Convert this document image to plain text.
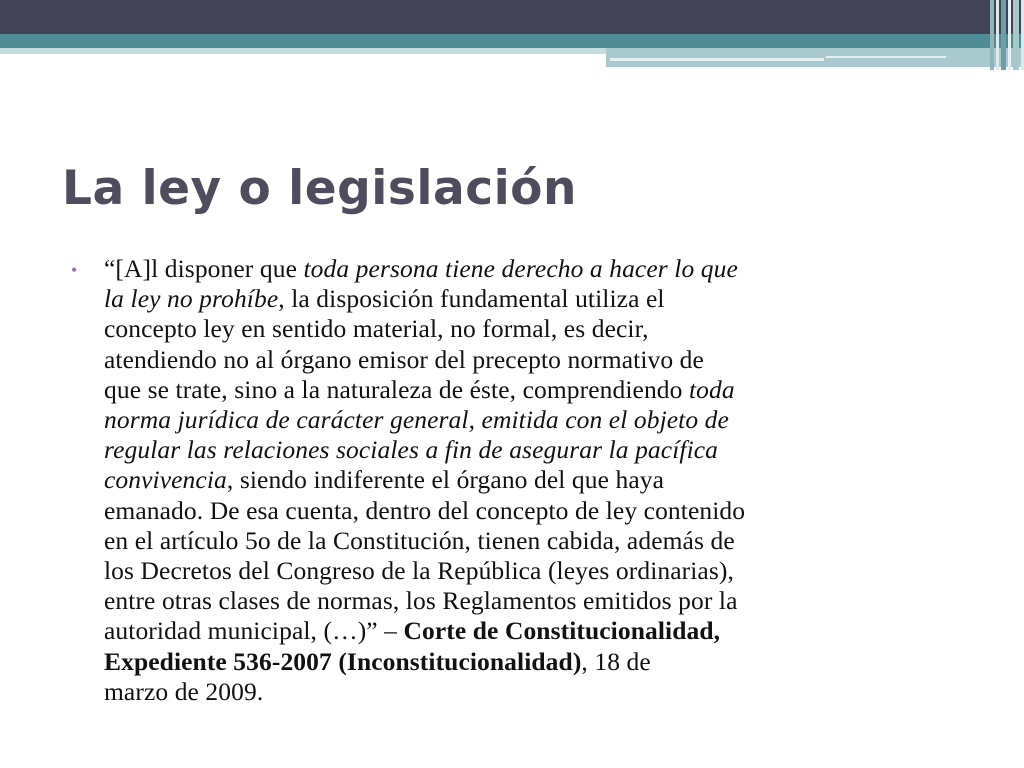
La ley o legislación
• “[A]l disponer que toda persona tiene derecho a hacer lo que
la ley no prohíbe, la disposición fundamental utiliza el
concepto ley en sentido material, no formal, es decir,
atendiendo no al órgano emisor del precepto normativo de
que se trate, sino a la naturaleza de éste, comprendiendo toda
norma jurídica de carácter general, emitida con el objeto de
regular las relaciones sociales a fin de asegurar la pacífica
convivencia, siendo indiferente el órgano del que haya
emanado. De esa cuenta, dentro del concepto de ley contenido
en el artículo 5o de la Constitución, tienen cabida, además de
los Decretos del Congreso de la República (leyes ordinarias),
entre otras clases de normas, los Reglamentos emitidos por la
autoridad municipal, (…)” – Corte de Constitucionalidad,
Expediente 536-2007 (Inconstitucionalidad), 18 de
marzo de 2009.
